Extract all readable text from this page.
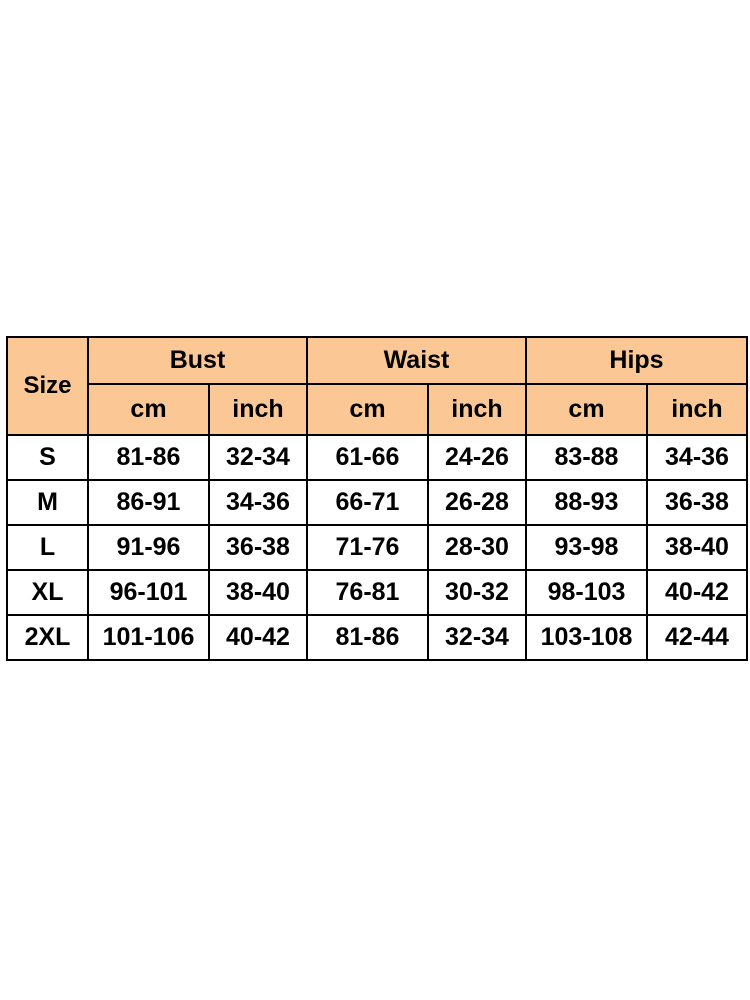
Size	Bust		Waist		Hips	
	cm	inch	cm	inch	cm	inch
S	81-86	32-34	61-66	24-26	83-88	34-36
M	86-91	34-36	66-71	26-28	88-93	36-38
L	91-96	36-38	71-76	28-30	93-98	38-40
XL	96-101	38-40	76-81	30-32	98-103	40-42
2XL	101-106	40-42	81-86	32-34	103-108	42-44
